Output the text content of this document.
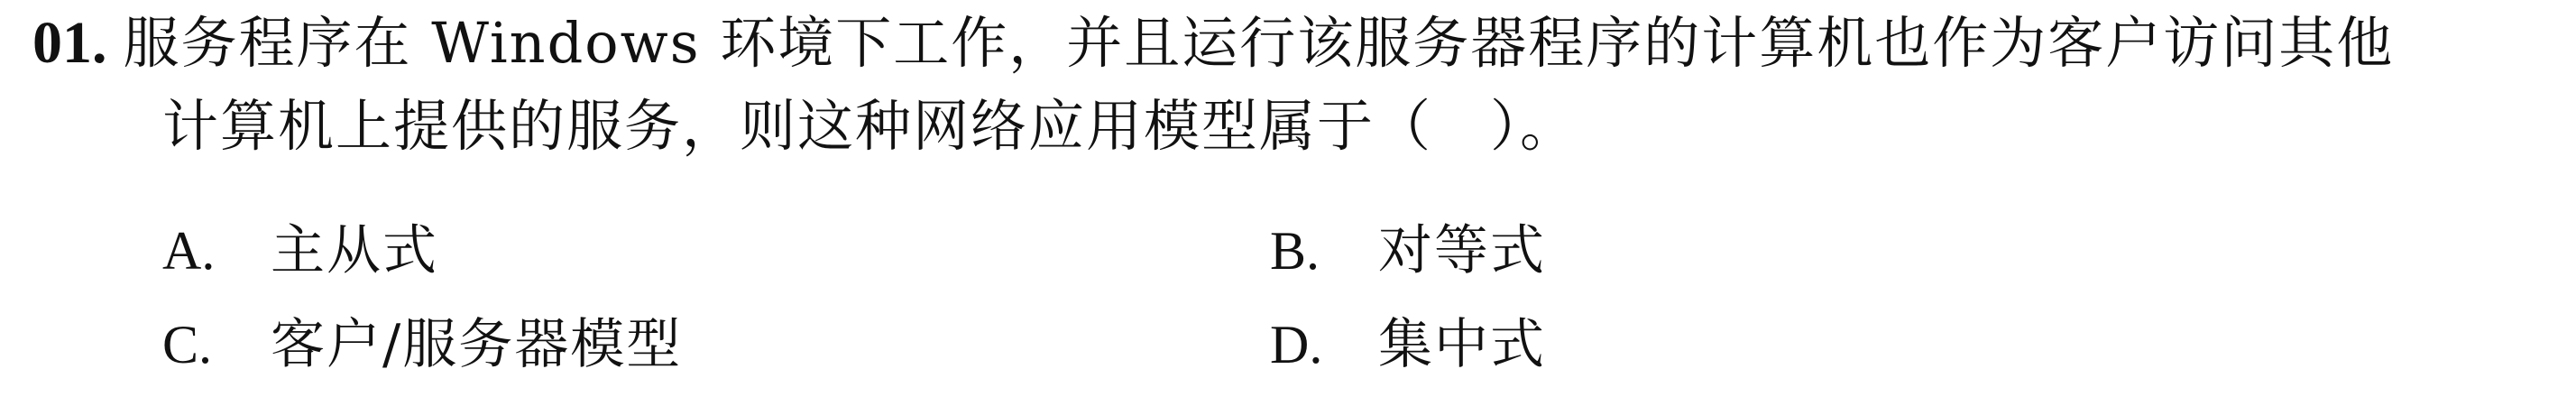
01. 服务程序在 Windows 环境下工作，并且运行该服务器程序的计算机也作为客户访问其他
计算机上提供的服务，则这种网络应用模型属于（　）。
A. 主从式	B. 对等式
C. 客户/服务器模型	D. 集中式
